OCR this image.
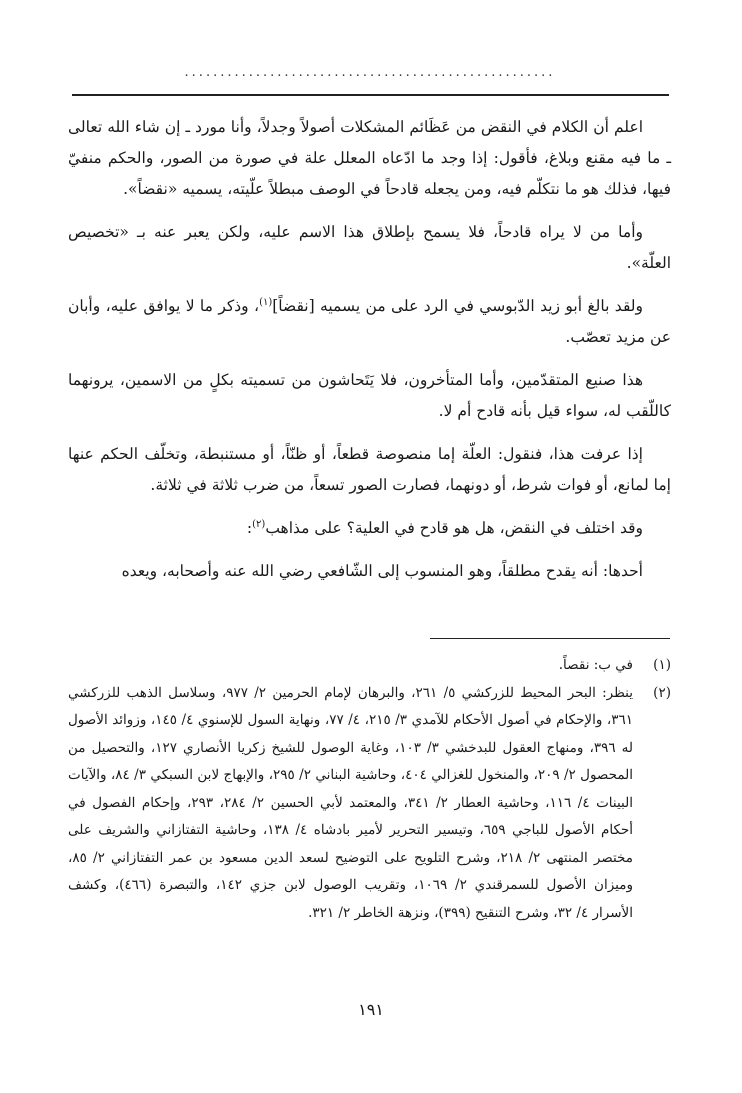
....................................................

اعلم أن الكلام في النقض من عَظَائم المشكلات أصولاً وجدلاً، وأنا مورد ـ إن شاء الله تعالى ـ ما فيه مقنع وبلاغ، فأقول: إذا وجد ما ادّعاه المعلل علة في صورة من الصور، والحكم منفيّ فيها، فذلك هو ما نتكلّم فيه، ومن يجعله قادحاً في الوصف مبطلاً علّيته، يسميه «نقضاً».

وأما من لا يراه قادحاً، فلا يسمح بإطلاق هذا الاسم عليه، ولكن يعبر عنه بـ «تخصيص العلّة».

ولقد بالغ أبو زيد الدّبوسي في الرد على من يسميه [نقضاً]$^{(١)}$، وذكر ما لا يوافق عليه، وأبان عن مزيد تعصّب.

هذا صنيع المتقدّمين، وأما المتأخرون، فلا يَتَحاشون من تسميته بكلٍ من الاسمين، يرونهما كاللّقب له، سواء قيل بأنه قادح أم لا.

إذا عرفت هذا، فنقول: العلّة إما منصوصة قطعاً، أو ظنّاً، أو مستنبطة، وتخلّف الحكم عنها إما لمانع، أو فوات شرط، أو دونهما، فصارت الصور تسعاً، من ضرب ثلاثة في ثلاثة.

وقد اختلف في النقض، هل هو قادح في العلية؟ على مذاهب$^{(٢)}$:

أحدها: أنه يقدح مطلقاً، وهو المنسوب إلى الشّافعي رضي الله عنه وأصحابه، ويعده

(١)
في ب: نقصاً.
(٢)
ينظر: البحر المحيط للزركشي ٥/ ٢٦١، والبرهان لإمام الحرمين ٢/ ٩٧٧، وسلاسل الذهب للزركشي ٣٦١، والإحكام في أصول الأحكام للآمدي ٣/ ٢١٥، ٤/ ٧٧، ونهاية السول للإسنوي ٤/ ١٤٥، وزوائد الأصول له ٣٩٦، ومنهاج العقول للبدخشي ٣/ ١٠٣، وغاية الوصول للشيخ زكريا الأنصاري ١٢٧، والتحصيل من المحصول ٢/ ٢٠٩، والمنخول للغزالي ٤٠٤، وحاشية البناني ٢/ ٢٩٥، والإبهاج لابن السبكي ٣/ ٨٤، والآيات البينات ٤/ ١١٦، وحاشية العطار ٢/ ٣٤١، والمعتمد لأبي الحسين ٢/ ٢٨٤، ٢٩٣، وإحكام الفصول في أحكام الأصول للباجي ٦٥٩، وتيسير التحرير لأمير بادشاه ٤/ ١٣٨، وحاشية التفتازاني والشريف على مختصر المنتهى ٢/ ٢١٨، وشرح التلويح على التوضيح لسعد الدين مسعود بن عمر التفتازاني ٢/ ٨٥، وميزان الأصول للسمرقندي ٢/ ١٠٦٩، وتقريب الوصول لابن جزي ١٤٢، والتبصرة (٤٦٦)، وكشف الأسرار ٤/ ٣٢، وشرح التنقيح (٣٩٩)، ونزهة الخاطر ٢/ ٣٢١.
١٩١
